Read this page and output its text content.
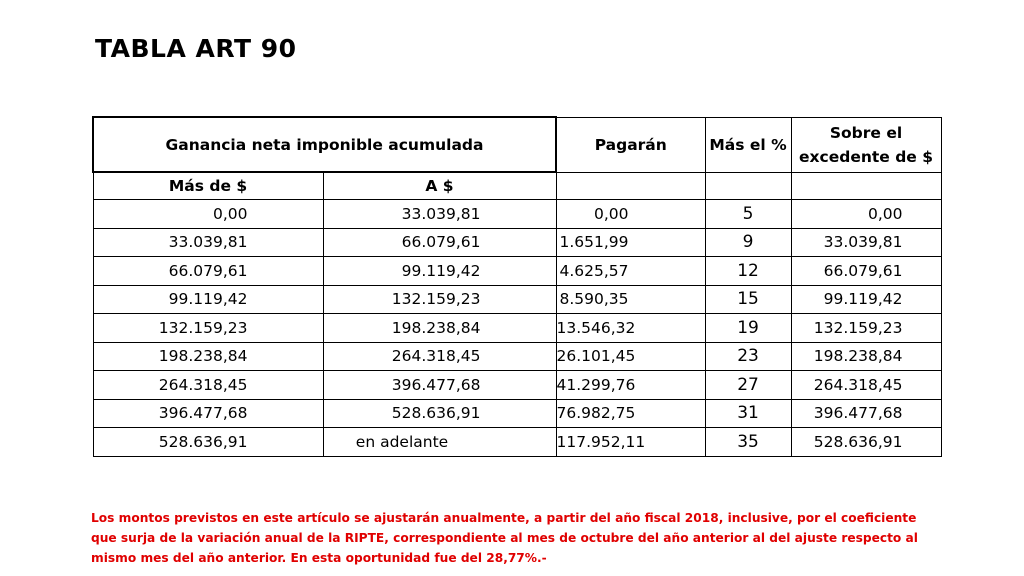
TABLA ART 90
Ganancia neta imponible acumulada		Pagarán	Más el %	Sobre el excedente de $
Más de $	A $			
0,00	33.039,81	0,00	5	0,00
33.039,81	66.079,61	1.651,99	9	33.039,81
66.079,61	99.119,42	4.625,57	12	66.079,61
99.119,42	132.159,23	8.590,35	15	99.119,42
132.159,23	198.238,84	13.546,32	19	132.159,23
198.238,84	264.318,45	26.101,45	23	198.238,84
264.318,45	396.477,68	41.299,76	27	264.318,45
396.477,68	528.636,91	76.982,75	31	396.477,68
528.636,91	en adelante	117.952,11	35	528.636,91
Los montos previstos en este artículo se ajustarán anualmente, a partir del año fiscal 2018, inclusive, por el coeficiente que surja de la variación anual de la RIPTE, correspondiente al mes de octubre del año anterior al del ajuste respecto al mismo mes del año anterior. En esta oportunidad fue del 28,77%.-
